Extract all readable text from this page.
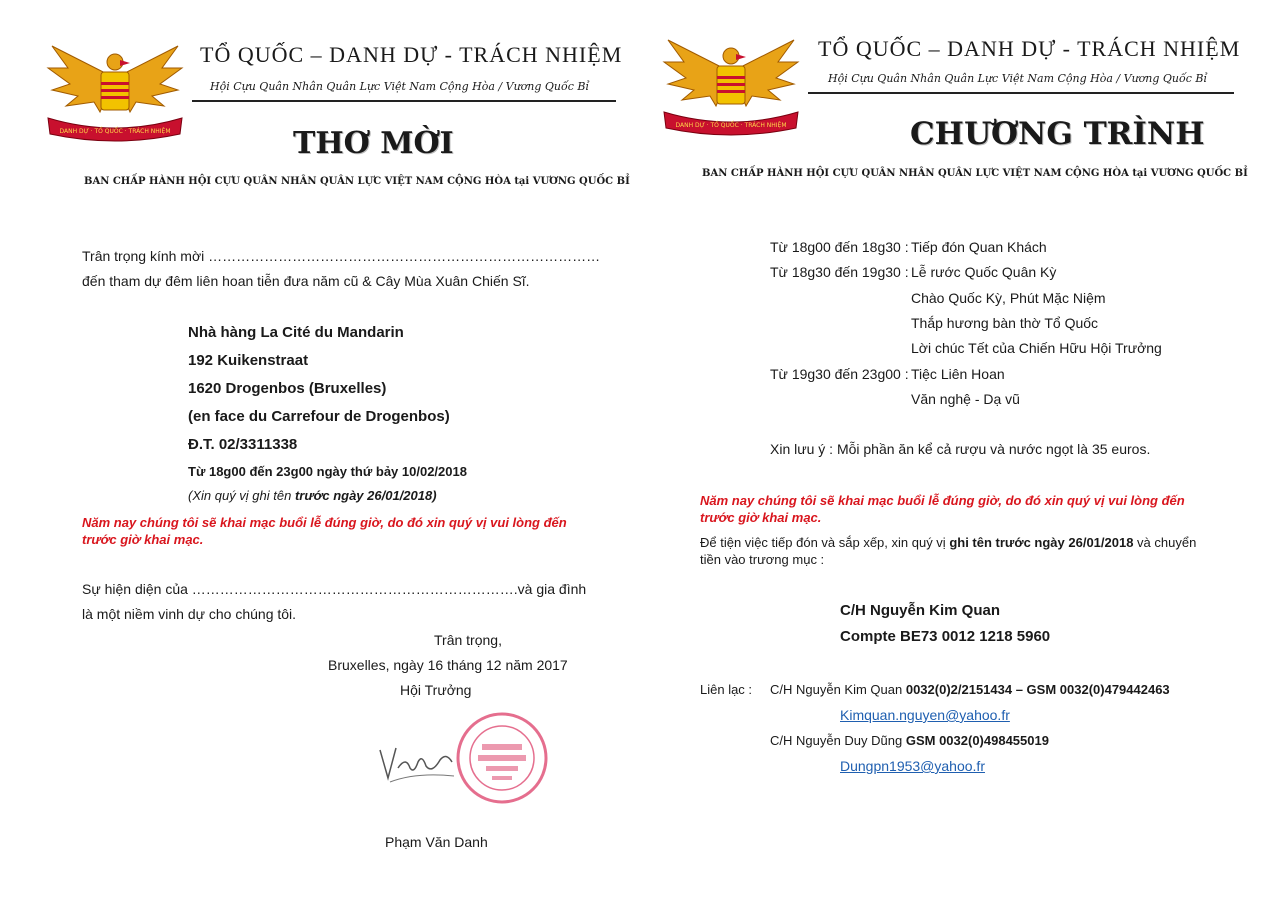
DANH DỰ · TỔ QUỐC · TRÁCH NHIỆM
TỔ QUỐC – DANH DỰ - TRÁCH NHIỆM
Hội Cựu Quân Nhân Quân Lực Việt Nam Cộng Hòa / Vương Quốc Bỉ
THƠ MỜI
BAN CHẤP HÀNH HỘI CỰU QUÂN NHÂN QUÂN LỰC VIỆT NAM CỘNG HÒA tại VƯƠNG QUỐC BỈ
Trân trọng kính mời …………………………………………………………………………
đến tham dự đêm liên hoan tiễn đưa năm cũ & Cây Mùa Xuân Chiến Sĩ.
Nhà hàng La Cité du Mandarin
192 Kuikenstraat
1620 Drogenbos (Bruxelles)
(en face du Carrefour de Drogenbos)
Đ.T. 02/3311338
Từ 18g00 đến 23g00 ngày thứ bảy 10/02/2018
(Xin quý vị ghi tên trước ngày 26/01/2018)
Năm nay chúng tôi sẽ khai mạc buổi lễ đúng giờ, do đó xin quý vị vui lòng đến
trước giờ khai mạc.
Sự hiện diện của …………………………………………………………….và gia đình
là một niềm vinh dự cho chúng tôi.
Trân trọng,
Bruxelles, ngày 16 tháng 12 năm 2017
Hội Trưởng
Vanc
Phạm Văn Danh
DANH DỰ · TỔ QUỐC · TRÁCH NHIỆM
TỔ QUỐC – DANH DỰ - TRÁCH NHIỆM
Hội Cựu Quân Nhân Quân Lực Việt Nam Cộng Hòa / Vương Quốc Bỉ
CHƯƠNG TRÌNH
BAN CHẤP HÀNH HỘI CỰU QUÂN NHÂN QUÂN LỰC VIỆT NAM CỘNG HÒA tại VƯƠNG QUỐC BỈ
Từ 18g00 đến 18g30 : Tiếp đón Quan Khách
Từ 18g30 đến 19g30 : Lễ rước Quốc Quân Kỳ
Chào Quốc Kỳ, Phút Mặc Niệm
Thắp hương bàn thờ Tổ Quốc
Lời chúc Tết của Chiến Hữu Hội Trưởng
Từ 19g30 đến 23g00 : Tiệc Liên Hoan
Văn nghệ - Dạ vũ
Xin lưu ý : Mỗi phần ăn kể cả rượu và nước ngọt là 35 euros.
Năm nay chúng tôi sẽ khai mạc buổi lễ đúng giờ, do đó xin quý vị vui lòng đến
trước giờ khai mạc.
Để tiện việc tiếp đón và sắp xếp, xin quý vị ghi tên trước ngày 26/01/2018 và chuyển
tiền vào trương mục :
C/H Nguyễn Kim Quan
Compte BE73 0012 1218 5960
Liên lạc : C/H Nguyễn Kim Quan 0032(0)2/2151434 – GSM 0032(0)479442463
Kimquan.nguyen@yahoo.fr
C/H Nguyễn Duy Dũng GSM 0032(0)498455019
Dungpn1953@yahoo.fr
